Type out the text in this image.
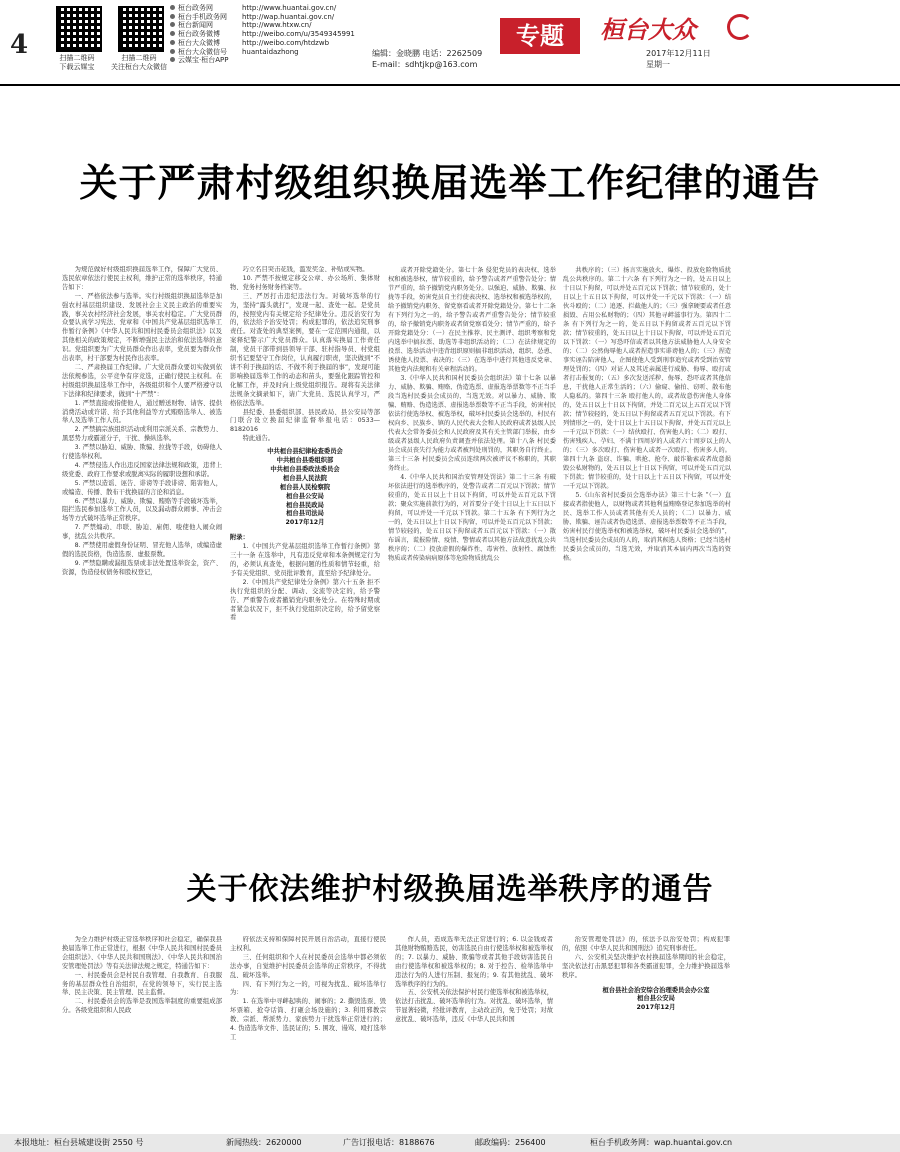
4	扫描二维码
下载云媒宝
扫描二维码
关注桓台大众微信
桓台政务网	http://www.huantai.gov.cn/
桓台手机政务网 http://wap.huantai.gov.cn/
桓台新闻网	http://www.htxw.cn/
桓台政务微博	http://weibo.com/u/3549345991
桓台大众微博	http://weibo.com/htdzwb
桓台大众微信号 huantaidazhong
云媒宝·桓台APP
编辑：金晓鹏 电话：2262509
E-mail：sdhtjkp@163.com
专题	桓台大众
2017年12月11日
星期一
关于严肃村级组织换届选举工作纪律的通告

为规范做好村级组织换届选举工作，保障广大党员、选民依章依法行使民主权利，维护正常的选举秩序，特通告如下：

一、严格依法参与选举。实行村级组织换届选举是加强农村基层组织建设、发展社会主义民主政治的重要实践，事关农村经济社会发展，事关农村稳定。广大党员群众要认真学习宪法、党章和《中国共产党基层组织选举工作暂行条例》《中华人民共和国村民委员会组织法》以及其他相关的政策规定，不断增强民主法治和依法选举的意识。党组织要为广大党员群众作出表率，党员要为群众作出表率，村干部要为村民作出表率。

二、严肃换届工作纪律。广大党员群众要切实做到依法依规参选，公平竞争有序竞选，正确行使民主权利。在村级组织换届选举工作中，各级组织和个人要严格遵守以下法律和纪律要求，做到“十严禁”：

1. 严禁直接或指使他人，通过赠送财物、请客、提供消费活动或许诺、给予其他利益等方式贿赂选举人、被选举人及选举工作人员。

2. 严禁搞宗族组织活动或利用宗派关系、宗教势力、黑恶势力或霸道分子，干扰、操纵选举。

3. 严禁以胁迫、威胁、欺骗、拉拢等手段，妨碍他人行使选举权利。

4. 严禁侵选人作出违反国家法律法规和政策，违背上级党委、政府工作要求或脱离实际的履职设想和承诺。

5. 严禁以造谣、诬告、诽谤等手段诽谤、陷害他人，或编造、传播、散布干扰换届的言论和消息。

6. 严禁以暴力、威胁、欺骗、贿赂等手段破坏选举，阻拦选民参加选举工作人员，以及漏动群众闹事、冲击会场等方式破坏选举正常秩序。

7. 严禁煽动、串联、胁迫、雇佣、唆使他人闹众闹事，扰乱公共秩序。

8. 严禁使用虚假身份证明、冒充他人选举，或编造虚假的选民资格，伪造选票、虚报票数。

9. 严禁隐瞒或漏报选票或非法处置选举资金，资产、资源，伪造侵权债务和股权登记，

巧立名目突击花钱，滥发奖金、补贴或实物。

10. 严禁不按规定移交公章、办公场所、集体财物、党务村务财务档案等。

三、严厉打击违纪违法行为。对破坏选举的行为，坚持“露头就打”，发现一起、查处一起。是党员的，按照党内有关规定给予纪律处分。违反治安行为的，依法给予治安处罚；构成犯罪的，依法追究刑事责任。对查处的典型案例，要在一定范围内通报，以案释纪警示广大党员群众。认真落实换届工作责任制，党员干部带到县领导干部、驻村指导员、村党组织书记要坚守工作岗位，认真履行职责，坚决做到“不讲不利于换届的话、不做不利于换届的事”，发现可能影响换届选举工作的动态和苗头，要强化跟踪管控和化解工作，并及时向上级党组织报告。现将有关法律法规条文摘录如下，请广大党员、选民认真学习，严格依法选举。

县纪委、县委组织部、县民政局、县公安局等部门联合设立换届纪律监督举报电话：0533—8182016

特此通告。

中共桓台县纪律检查委员会

中共桓台县委组织部

中共桓台县委政法委员会

桓台县人民法院

桓台县人民检察院

桓台县公安局

桓台县民政局

桓台县司法局

2017年12月

附录：

1.《中国共产党基层组织选举工作暂行条例》第三十一条 在选举中，凡有违反党章和本条例规定行为的，必须认真查处，根据问题的性质和情节轻重，给予有关党组织、党员批评教育，直至给予纪律处分。

2.《中国共产党纪律处分条例》第六十五条 拒不执行党组织的分配、调动、交流等决定的，给予警告、严重警告或者撤销党内职务处分。在特殊时期或者紧急状况下，拒不执行党组织决定的，给予留党察看

或者开除党籍处分。第七十条 侵犯党员的表决权、选举权和被选举权，情节较重的，给予警告或者严重警告处分；情节严重的，给予撤销党内职务处分。以强迫、威胁、欺骗、拉拢等手段，妨害党员自主行使表决权、选举权和被选举权的，给予撤销党内职务、留党察看或者开除党籍处分。第七十二条 有下列行为之一的，给予警告或者严重警告处分；情节较重的，给予撤销党内职务或者留党察看处分；情节严重的，给予开除党籍处分：（一）在民主推荐、民主测评、组织考察和党内选举中搞拉票、助选等非组织活动的；（二）在法律规定的投票、选举活动中违背组织原则搞非组织活动，组织、怂恿、诱使他人投票、表决的；（三）在选举中进行其他违反党章、其他党内法规和有关章程活动的。

3.《中华人民共和国村民委员会组织法》第十七条 以暴力、威胁、欺骗、贿赂、伪造选票、虚报选举票数等不正当手段当选村民委员会成员的，当选无效。对以暴力、威胁、欺骗、贿赂、伪造选票、虚报选举票数等不正当手段，妨害村民依法行使选举权、被选举权，破坏村民委员会选举的，村民有权向乡、民族乡、镇的人民代表大会和人民政府或者县级人民代表大会常务委员会和人民政府及其有关主管部门举报，由乡级或者县级人民政府负责调查并依法处理。第十八条 村民委员会成员丧失行为能力或者被判处刑罚的，其职务自行终止。第三十三条 村民委员会成员连续两次被评议不称职的，其职务终止。

4.《中华人民共和国治安管理处罚法》第二十三条 有破坏依法进行的选举秩序的，处警告或者二百元以下罚款；情节较重的，处五日以上十日以下拘留，可以并处五百元以下罚款；聚众实施前款行为的，对首要分子处十日以上十五日以下拘留，可以并处一千元以下罚款。第二十五条 有下列行为之一的，处五日以上十日以下拘留，可以并处五百元以下罚款；情节较轻的，处五日以下拘留或者五百元以下罚款：（一）散布谣言，谎报险情、疫情、警情或者以其他方法故意扰乱公共秩序的；（二）投放虚假的爆炸性、毒害性、放射性、腐蚀性物质或者传染病病原体等危险物质扰乱公

共秩序的；（三）扬言实施放火、爆炸、投放危险物质扰乱公共秩序的。第二十六条 有下列行为之一的，处五日以上十日以下拘留，可以并处五百元以下罚款；情节较重的，处十日以上十五日以下拘留，可以并处一千元以下罚款：（一）结伙斗殴的；（二）追逐、拦截他人的；（三）强拿硬要或者任意损毁、占用公私财物的；（四）其他寻衅滋事行为。第四十二条 有下列行为之一的，处五日以下拘留或者五百元以下罚款；情节较重的，处五日以上十日以下拘留，可以并处五百元以下罚款：（一）写恐吓信或者以其他方法威胁他人人身安全的；（二）公然侮辱他人或者捏造事实诽谤他人的；（三）捏造事实诬告陷害他人，企图使他人受到刑事追究或者受到治安管理处罚的；（四）对证人及其近亲属进行威胁、侮辱、殴打或者打击报复的；（五）多次发送淫秽、侮辱、恐吓或者其他信息，干扰他人正常生活的；（六）偷窥、偷拍、窃听、散布他人隐私的。第四十三条 殴打他人的，或者故意伤害他人身体的，处五日以上十日以下拘留，并处二百元以上五百元以下罚款；情节较轻的，处五日以下拘留或者五百元以下罚款。有下列情形之一的，处十日以上十五日以下拘留，并处五百元以上一千元以下罚款：（一）结伙殴打、伤害他人的；（二）殴打、伤害残疾人、孕妇、不满十四周岁的人或者六十周岁以上的人的；（三）多次殴打、伤害他人或者一次殴打、伤害多人的。第四十九条 盗窃、诈骗、哄抢、抢夺、敲诈勒索或者故意损毁公私财物的，处五日以上十日以下拘留，可以并处五百元以下罚款；情节较重的，处十日以上十五日以下拘留，可以并处一千元以下罚款。

5.《山东省村民委员会选举办法》第三十七条 “（一）直接或者指使他人，以财物或者其他利益贿赂登记参加选举的村民、选举工作人员或者其他有关人员的；（二）以暴力、威胁、欺骗、诬告或者伪造选票、虚报选举票数等不正当手段，妨害村民行使选举权和被选举权，破坏村民委员会选举的”，当选村民委员会成员的人的，取消其候选人资格；已经当选村民委员会成员的，当选无效，并取消其本届内再次当选的资格。

关于依法维护村级换届选举秩序的通告

为全力维护村级正常选举秩序和社会稳定，确保我县换届选举工作正常进行，根据《中华人民共和国村民委员会组织法》、《中华人民共和国刑法》、《中华人民共和国治安管理处罚法》等有关法律法规之规定，特通告如下：

一、村民委员会是村民自我管理、自我教育、自我服务的基层群众性自治组织，在党的领导下，实行民主选举、民主决策、民主管理、民主监督。

二、村民委员会的选举是我国选举制度的重要组成部分。各级党组织和人民政

府依法支持和保障村民开展自治活动，直接行使民主权利。

三、任何组织和个人在村民委员会选举中都必须依法办事，自觉维护村民委员会选举的正常秩序，不得扰乱、破坏选举。

四、有下列行为之一的，可视为扰乱、破坏选举行为：

1. 在选举中寻衅起哄的、闹事的；2. 撕毁选票、毁坏票箱、抢夺话筒、打砸会场设施的；3. 利用邪教宗教、宗派、帮派势力、家族势力干扰选举正常进行的；4. 伪造选举文件、选民证的；5. 围攻、谩骂、殴打选举工

作人员，造成选举无法正常进行的；6. 以金钱或者其他财物贿赂选民，妨害选民自由行使选举权和被选举权的；7. 以暴力、威胁、欺骗等或者其他手段妨害选民自由行使选举权和被选举权的；8. 对于控告、检举选举中违法行为的人进行压制、报复的；9. 有其他扰乱、破坏选举秩序的行为的。

五、公安机关依法保护村民行使选举权和被选举权，依法打击扰乱、破坏选举的行为。对扰乱、破坏选举，情节显著轻微，经批评教育，主动改正的，免于处罚；对故意扰乱、破坏选举，违反《中华人民共和国

治安管理处罚法》的，依法予以治安处罚；构成犯罪的，依照《中华人民共和国刑法》追究刑事责任。

六、公安机关坚决维护农村换届选举期间的社会稳定，坚决依法打击黑恶犯罪和各类霸道犯罪，全力维护换届选举秩序。

桓台县社会治安综合治理委员会办公室

桓台县公安局

2017年12月

本报地址：桓台县城建设街 2550 号	新闻热线：2620000	广告订报电话：8188676	邮政编码：256400	桓台手机政务网：wap.huantai.gov.cn
